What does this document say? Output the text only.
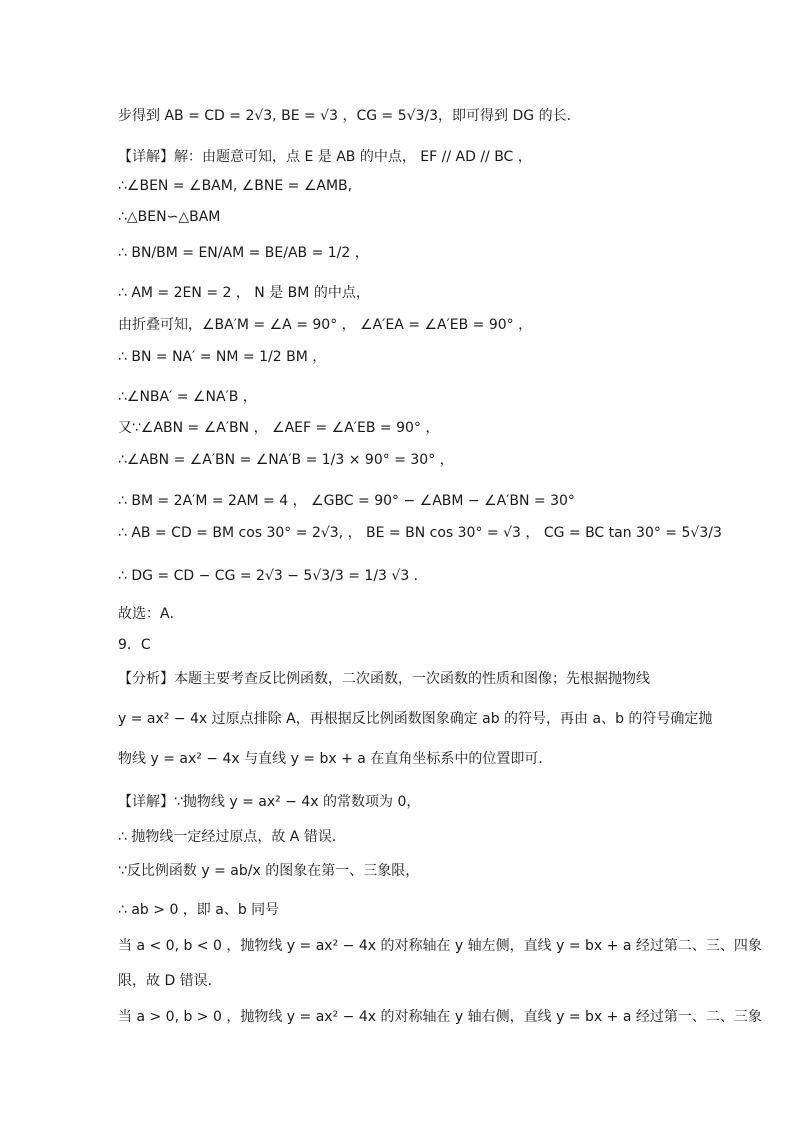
步得到 AB = CD = 2√3, BE = √3 ，CG = 5√3/3，即可得到 DG 的长．
【详解】解：由题意可知，点 E 是 AB 的中点， EF // AD // BC ，
∴∠BEN = ∠BAM, ∠BNE = ∠AMB,
∴△BEN∽△BAM
∴ BN/BM = EN/AM = BE/AB = 1/2 ，
∴ AM = 2EN = 2 ， N 是 BM 的中点，
由折叠可知，∠BA′M = ∠A = 90° ， ∠A′EA = ∠A′EB = 90° ，
∴ BN = NA′ = NM = 1/2 BM ，
∴∠NBA′ = ∠NA′B ，
又∵∠ABN = ∠A′BN ， ∠AEF = ∠A′EB = 90° ，
∴∠ABN = ∠A′BN = ∠NA′B = 1/3 × 90° = 30° ，
∴ BM = 2A′M = 2AM = 4 ， ∠GBC = 90° − ∠ABM − ∠A′BN = 30°
∴ AB = CD = BM cos 30° = 2√3, ， BE = BN cos 30° = √3 ， CG = BC tan 30° = 5√3/3
∴ DG = CD − CG = 2√3 − 5√3/3 = 1/3 √3 ．
故选：A．
9．C
【分析】本题主要考查反比例函数，二次函数，一次函数的性质和图像；先根据抛物线
y = ax² − 4x 过原点排除 A，再根据反比例函数图象确定 ab 的符号，再由 a、b 的符号确定抛
物线 y = ax² − 4x 与直线 y = bx + a 在直角坐标系中的位置即可．
【详解】∵抛物线 y = ax² − 4x 的常数项为 0，
∴ 抛物线一定经过原点，故 A 错误．
∵反比例函数 y = ab/x 的图象在第一、三象限，
∴ ab > 0 ，即 a、b 同号
当 a < 0, b < 0 ，抛物线 y = ax² − 4x 的对称轴在 y 轴左侧，直线 y = bx + a 经过第二、三、四象
限，故 D 错误．
当 a > 0, b > 0 ，抛物线 y = ax² − 4x 的对称轴在 y 轴右侧，直线 y = bx + a 经过第一、二、三象
